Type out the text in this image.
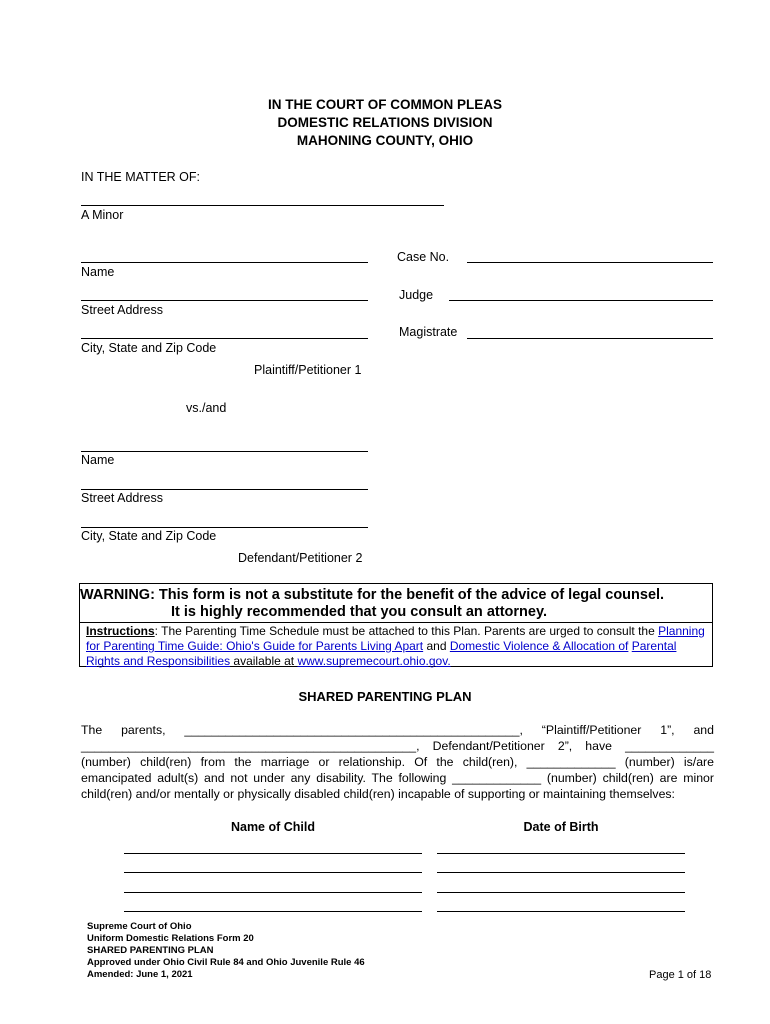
IN THE COURT OF COMMON PLEAS
DOMESTIC RELATIONS DIVISION
MAHONING COUNTY, OHIO
IN THE MATTER OF:
A Minor
Name
Street Address
City, State and Zip Code
Plaintiff/Petitioner 1
vs./and
Name
Street Address
City, State and Zip Code
Defendant/Petitioner 2
Case No.
Judge
Magistrate
WARNING: This form is not a substitute for the benefit of the advice of legal counsel.
It is highly recommended that you consult an attorney.
Instructions: The Parenting Time Schedule must be attached to this Plan. Parents are urged to consult the Planning for Parenting Time Guide: Ohio's Guide for Parents Living Apart and Domestic Violence & Allocation of Parental Rights and Responsibilities available at www.supremecourt.ohio.gov.
SHARED PARENTING PLAN
The parents, _________________________________________________, “Plaintiff/Petitioner 1”, and _________________________________________________, Defendant/Petitioner 2”, have _____________ (number) child(ren) from the marriage or relationship. Of the child(ren), _____________ (number) is/are emancipated adult(s) and not under any disability. The following _____________ (number) child(ren) are minor child(ren) and/or mentally or physically disabled child(ren) incapable of supporting or maintaining themselves:
Name of Child	Date of Birth
Supreme Court of Ohio
Uniform Domestic Relations Form 20
SHARED PARENTING PLAN
Approved under Ohio Civil Rule 84 and Ohio Juvenile Rule 46
Amended: June 1, 2021	Page 1 of 18
